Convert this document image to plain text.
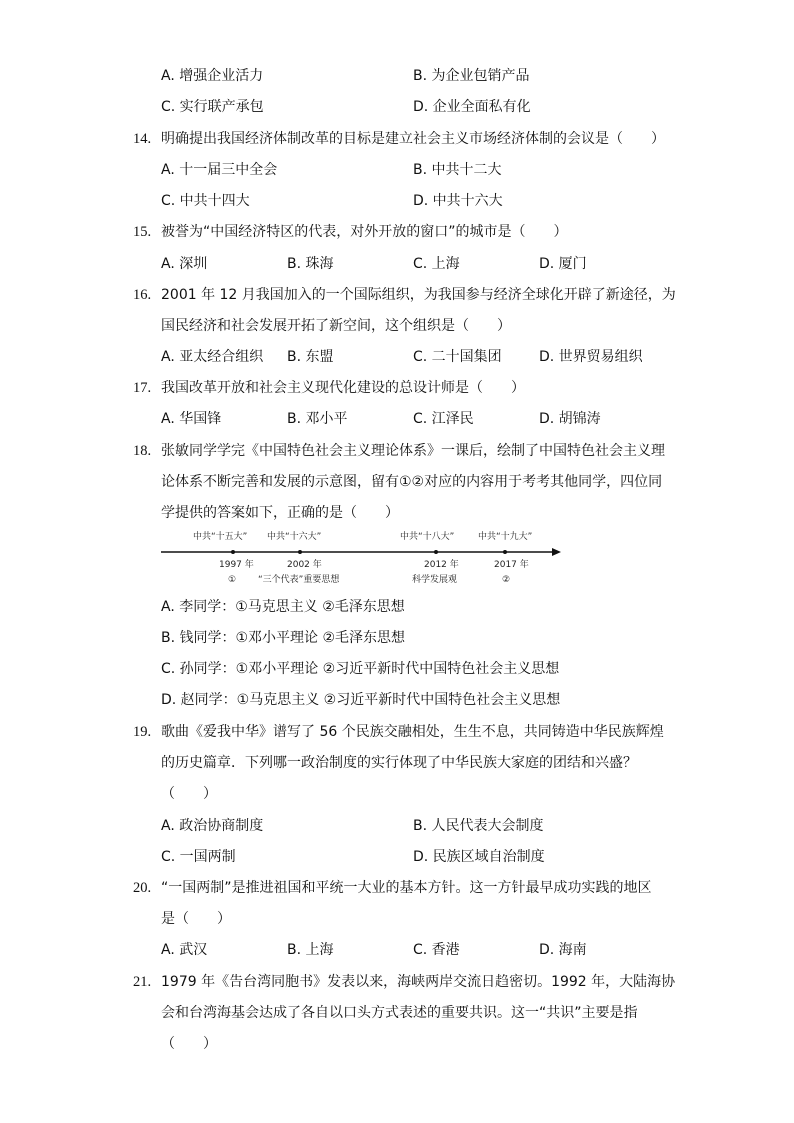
A. 增强企业活力	B. 为企业包销产品
C. 实行联产承包	D. 企业全面私有化
14. 明确提出我国经济体制改革的目标是建立社会主义市场经济体制的会议是（　　）
A. 十一届三中全会	B. 中共十二大
C. 中共十四大	D. 中共十六大
15. 被誉为“中国经济特区的代表，对外开放的窗口”的城市是（　　）
A. 深圳	B. 珠海	C. 上海	D. 厦门
16. 2001 年 12 月我国加入的一个国际组织，为我国参与经济全球化开辟了新途径，为
国民经济和社会发展开拓了新空间，这个组织是（　　）
A. 亚太经合组织 B. 东盟	C. 二十国集团	D. 世界贸易组织
17. 我国改革开放和社会主义现代化建设的总设计师是（　　）
A. 华国锋	B. 邓小平	C. 江泽民	D. 胡锦涛
18. 张敏同学学完《中国特色社会主义理论体系》一课后，绘制了中国特色社会主义理
论体系不断完善和发展的示意图，留有①②对应的内容用于考考其他同学，四位同
学提供的答案如下，正确的是（　　）
中共“十五大” 中共“十六大”	中共“十八大”	中共“十九大”
1997 年	2002 年	2012 年	2017 年
① “三个代表”重要思想	科学发展观	②
A. 李同学：①马克思主义 ②毛泽东思想
B. 钱同学：①邓小平理论 ②毛泽东思想
C. 孙同学：①邓小平理论 ②习近平新时代中国特色社会主义思想
D. 赵同学：①马克思主义 ②习近平新时代中国特色社会主义思想
19. 歌曲《爱我中华》谱写了 56 个民族交融相处，生生不息，共同铸造中华民族辉煌
的历史篇章．下列哪一政治制度的实行体现了中华民族大家庭的团结和兴盛？
（　　）
A. 政治协商制度	B. 人民代表大会制度
C. 一国两制	D. 民族区域自治制度
20. “一国两制”是推进祖国和平统一大业的基本方针。这一方针最早成功实践的地区
是（　　）
A. 武汉	B. 上海	C. 香港	D. 海南
21. 1979 年《告台湾同胞书》发表以来，海峡两岸交流日趋密切。1992 年，大陆海协
会和台湾海基会达成了各自以口头方式表述的重要共识。这一“共识”主要是指
（　　）
